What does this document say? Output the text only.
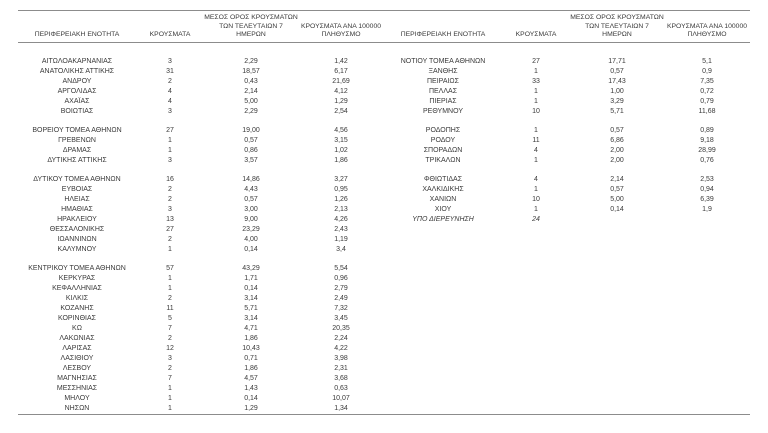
ΠΕΡΙΦΕΡΕΙΑΚΗ ΕΝΟΤΗΤΑ	ΚΡΟΥΣΜΑΤΑ
ΜΕΣΟΣ ΟΡΟΣ ΚΡΟΥΣΜΑΤΩΝ
ΤΩΝ ΤΕΛΕΥΤΑΙΩΝ 7
ΗΜΕΡΩΝ
ΚΡΟΥΣΜΑΤΑ ΑΝΑ 100000
ΠΛΗΘΥΣΜΟ	ΠΕΡΙΦΕΡΕΙΑΚΗ ΕΝΟΤΗΤΑ	ΚΡΟΥΣΜΑΤΑ
ΜΕΣΟΣ ΟΡΟΣ ΚΡΟΥΣΜΑΤΩΝ
ΤΩΝ ΤΕΛΕΥΤΑΙΩΝ 7
ΗΜΕΡΩΝ
ΚΡΟΥΣΜΑΤΑ ΑΝΑ 100000
ΠΛΗΘΥΣΜΟ
ΑΙΤΩΛΟΑΚΑΡΝΑΝΙΑΣ	3	2,29	1,42	ΝΟΤΙΟΥ ΤΟΜΕΑ ΑΘΗΝΩΝ	27	17,71	5,1
ΑΝΑΤΟΛΙΚΗΣ ΑΤΤΙΚΗΣ	31	18,57	6,17	ΞΑΝΘΗΣ	1	0,57	0,9
ΑΝΔΡΟΥ	2	0,43	21,69	ΠΕΙΡΑΙΩΣ	33	17,43	7,35
ΑΡΓΟΛΙΔΑΣ	4	2,14	4,12	ΠΕΛΛΑΣ	1	1,00	0,72
ΑΧΑΪΑΣ	4	5,00	1,29	ΠΙΕΡΙΑΣ	1	3,29	0,79
ΒΟΙΩΤΙΑΣ	3	2,29	2,54	ΡΕΘΥΜΝΟΥ	10	5,71	11,68
ΒΟΡΕΙΟΥ ΤΟΜΕΑ ΑΘΗΝΩΝ	27	19,00	4,56	ΡΟΔΟΠΗΣ	1	0,57	0,89
ΓΡΕΒΕΝΩΝ	1	0,57	3,15	ΡΟΔΟΥ	11	6,86	9,18
ΔΡΑΜΑΣ	1	0,86	1,02	ΣΠΟΡΑΔΩΝ	4	2,00	28,99
ΔΥΤΙΚΗΣ ΑΤΤΙΚΗΣ	3	3,57	1,86	ΤΡΙΚΑΛΩΝ	1	2,00	0,76
ΔΥΤΙΚΟΥ ΤΟΜΕΑ ΑΘΗΝΩΝ	16	14,86	3,27	ΦΘΙΩΤΙΔΑΣ	4	2,14	2,53
ΕΥΒΟΙΑΣ	2	4,43	0,95	ΧΑΛΚΙΔΙΚΗΣ	1	0,57	0,94
ΗΛΕΙΑΣ	2	0,57	1,26	ΧΑΝΙΩΝ	10	5,00	6,39
ΗΜΑΘΙΑΣ	3	3,00	2,13	ΧΙΟΥ	1	0,14	1,9
ΗΡΑΚΛΕΙΟΥ	13	9,00	4,26	ΥΠΟ ΔΙΕΡΕΥΝΗΣΗ	24
ΘΕΣΣΑΛΟΝΙΚΗΣ	27	23,29	2,43
ΙΩΑΝΝΙΝΩΝ	2	4,00	1,19
ΚΑΛΥΜΝΟΥ	1	0,14	3,4
ΚΕΝΤΡΙΚΟΥ ΤΟΜΕΑ ΑΘΗΝΩΝ	57	43,29	5,54
ΚΕΡΚΥΡΑΣ	1	1,71	0,96
ΚΕΦΑΛΛΗΝΙΑΣ	1	0,14	2,79
ΚΙΛΚΙΣ	2	3,14	2,49
ΚΟΖΑΝΗΣ	11	5,71	7,32
ΚΟΡΙΝΘΙΑΣ	5	3,14	3,45
ΚΩ	7	4,71	20,35
ΛΑΚΩΝΙΑΣ	2	1,86	2,24
ΛΑΡΙΣΑΣ	12	10,43	4,22
ΛΑΣΙΘΙΟΥ	3	0,71	3,98
ΛΕΣΒΟΥ	2	1,86	2,31
ΜΑΓΝΗΣΙΑΣ	7	4,57	3,68
ΜΕΣΣΗΝΙΑΣ	1	1,43	0,63
ΜΗΛΟΥ	1	0,14	10,07
ΝΗΣΩΝ	1	1,29	1,34
